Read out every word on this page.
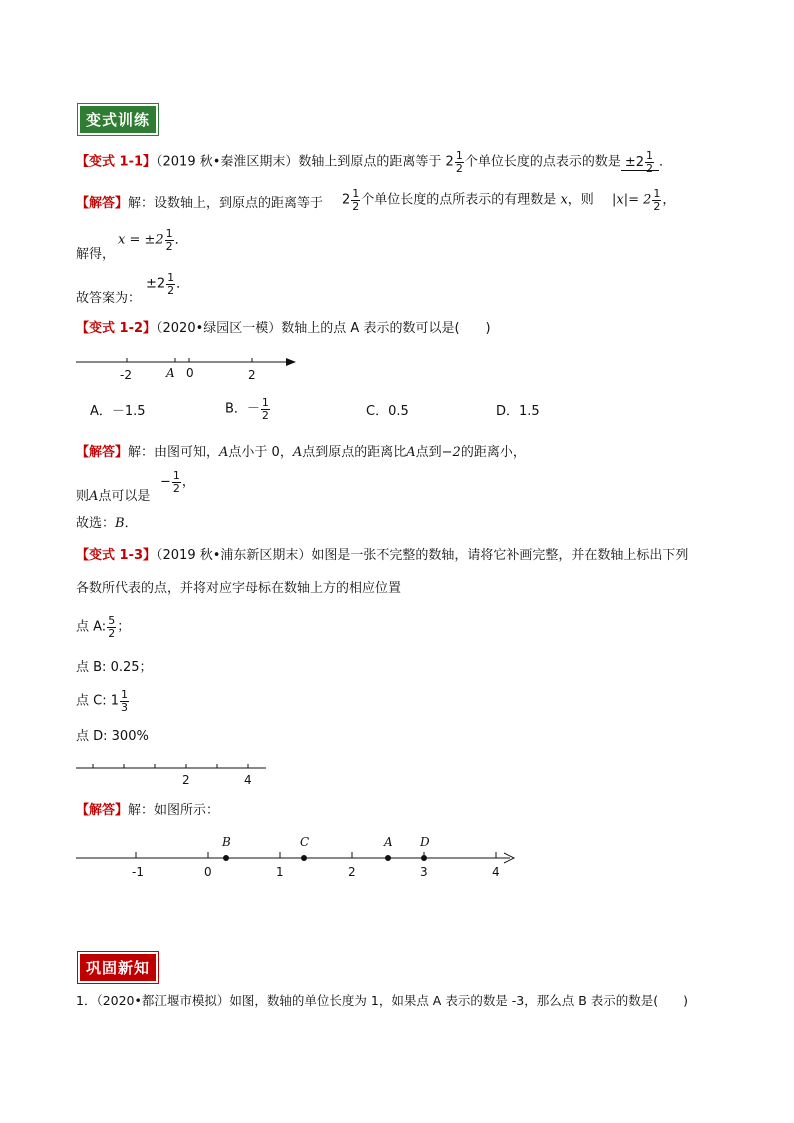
变式训练
【变式 1-1】（2019 秋•秦淮区期末）数轴上到原点的距离等于 $2 \frac{1}{2}$ 个单位长度的点表示的数是 $\pm 2 \frac{1}{2}$ ．
【解答】解：设数轴上，到原点的距离等于 $2 \frac{1}{2}$ 个单位长度的点所表示的有理数是 x，则 $|x|= 2 \frac{1}{2}$ ，
解得，
$x = \pm 2 \frac{1}{2}$ ．
故答案为：
$\pm 2 \frac{1}{2}$ ．
【变式 1-2】（2020•绿园区一模）数轴上的点 A 表示的数可以是(　　)
-2	A 0	2
A．－1.5	B．－ $\frac{1}{2}$	C．0.5	D．1.5
【解答】解：由图可知，A点小于 0，A点到原点的距离比A点到−2的距离小，
则A点可以是
− $\frac{1}{2}$ ，
故选：B．
【变式 1-3】（2019 秋•浦东新区期末）如图是一张不完整的数轴，请将它补画完整，并在数轴上标出下列
各数所代表的点，并将对应字母标在数轴上方的相应位置
点 A: $\frac{5}{2}$ ；
点 B: 0.25；
点 C: $1 \frac{1}{3}$
点 D: 300%
2	4
【解答】解：如图所示：
-1	0	1	2	3	4
B	C	A D
巩固新知
1．（2020•都江堰市模拟）如图，数轴的单位长度为 1，如果点 A 表示的数是 -3，那么点 B 表示的数是(　　)
